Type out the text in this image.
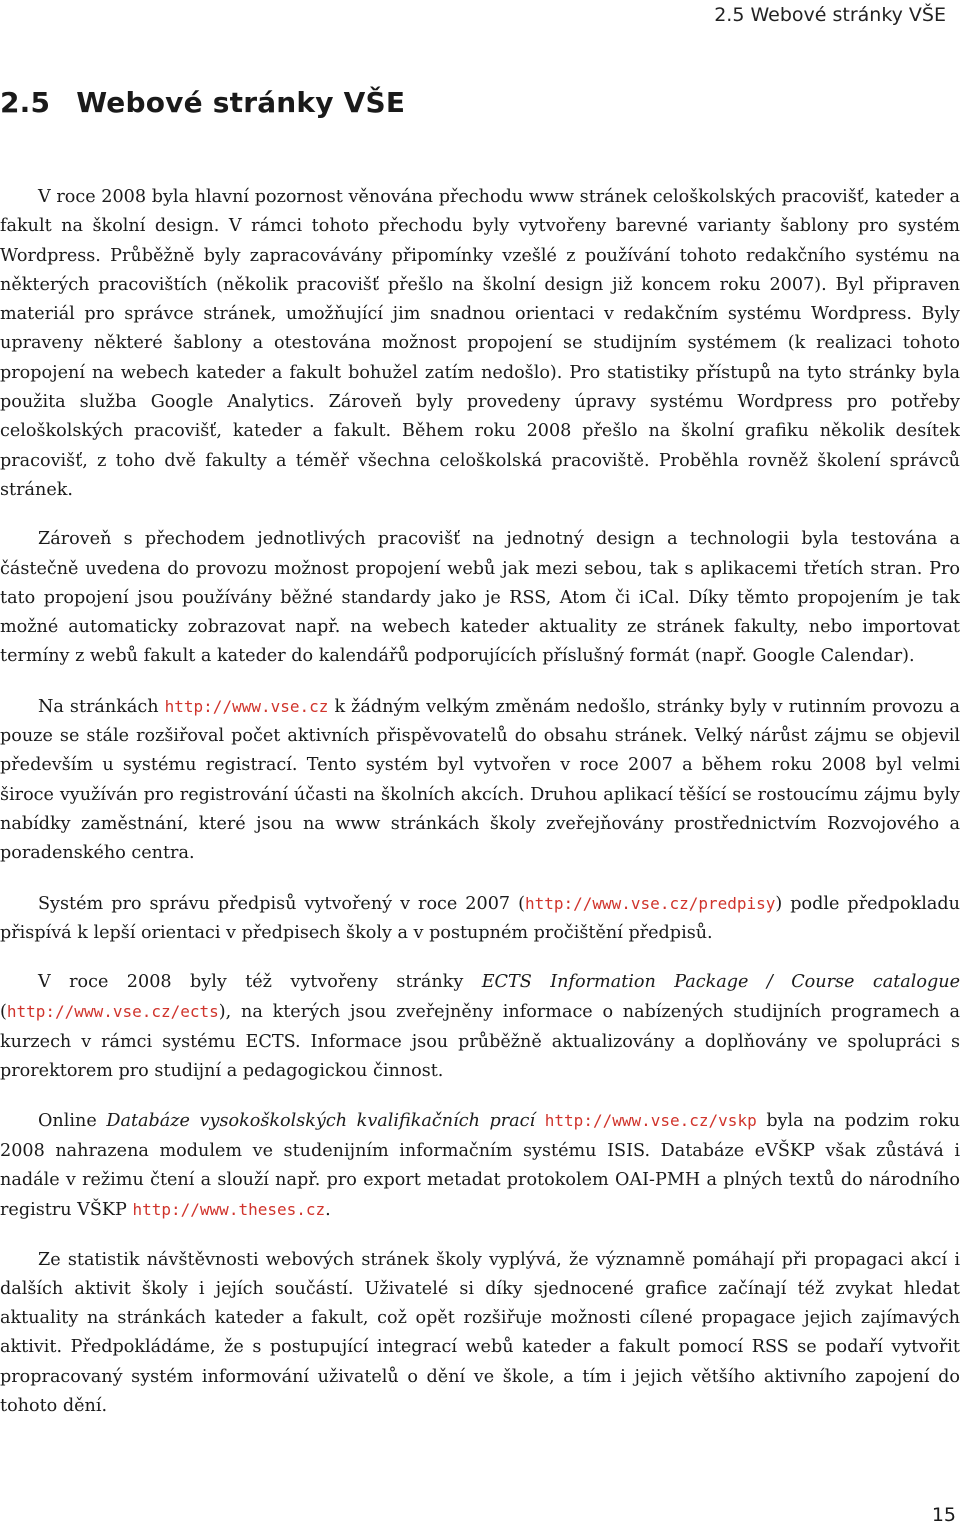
2.5 Webové stránky VŠE
2.5 Webové stránky VŠE

V roce 2008 byla hlavní pozornost věnována přechodu www stránek celoškolských pracovišť, kateder a fakult na školní design. V rámci tohoto přechodu byly vytvořeny barevné varianty šablony pro systém Wordpress. Průběžně byly zapracovávány připomínky vzešlé z používání tohoto redakčního systému na některých pracovištích (několik pracovišť přešlo na školní design již koncem roku 2007). Byl připraven materiál pro správce stránek, umožňující jim snadnou orientaci v redakčním systému Wordpress. Byly upraveny některé šablony a otestována možnost propojení se studijním systémem (k realizaci tohoto propojení na webech kateder a fakult bohužel zatím nedošlo). Pro statistiky přístupů na tyto stránky byla použita služba Google Analytics. Zároveň byly provedeny úpravy systému Wordpress pro potřeby celoškolských pracovišť, kateder a fakult. Během roku 2008 přešlo na školní grafiku několik desítek pracovišť, z toho dvě fakulty a téměř všechna celoškolská pracoviště. Proběhla rovněž školení správců stránek.

Zároveň s přechodem jednotlivých pracovišť na jednotný design a technologii byla testována a částečně uvedena do provozu možnost propojení webů jak mezi sebou, tak s aplikacemi třetích stran. Pro tato propojení jsou používány běžné standardy jako je RSS, Atom či iCal. Díky těmto propojením je tak možné automaticky zobrazovat např. na webech kateder aktuality ze stránek fakulty, nebo importovat termíny z webů fakult a kateder do kalendářů podporujících příslušný formát (např. Google Calendar).

Na stránkách http://www.vse.cz k žádným velkým změnám nedošlo, stránky byly v rutinním provozu a pouze se stále rozšiřoval počet aktivních přispěvovatelů do obsahu stránek. Velký nárůst zájmu se objevil především u systému registrací. Tento systém byl vytvořen v roce 2007 a během roku 2008 byl velmi široce využíván pro registrování účasti na školních akcích. Druhou aplikací těšící se rostoucímu zájmu byly nabídky zaměstnání, které jsou na www stránkách školy zveřejňovány prostřednictvím Rozvojového a poradenského centra.

Systém pro správu předpisů vytvořený v roce 2007 (http://www.vse.cz/predpisy) podle předpokladu přispívá k lepší orientaci v předpisech školy a v postupném pročištění předpisů.

V roce 2008 byly též vytvořeny stránky ECTS Information Package / Course catalogue (http://www.vse.cz/ects), na kterých jsou zveřejněny informace o nabízených studijních programech a kurzech v rámci systému ECTS. Informace jsou průběžně aktualizovány a doplňovány ve spolupráci s prorektorem pro studijní a pedagogickou činnost.

Online Databáze vysokoškolských kvalifikačních prací http://www.vse.cz/vskp byla na podzim roku 2008 nahrazena modulem ve studenijním informačním systému ISIS. Databáze eVŠKP však zůstává i nadále v režimu čtení a slouží např. pro export metadat protokolem OAI-PMH a plných textů do národního registru VŠKP http://www.theses.cz.

Ze statistik návštěvnosti webových stránek školy vyplývá, že významně pomáhají při propagaci akcí i dalších aktivit školy i jejích součástí. Uživatelé si díky sjednocené grafice začínají též zvykat hledat aktuality na stránkách kateder a fakult, což opět rozšiřuje možnosti cílené propagace jejich zajímavých aktivit. Předpokládáme, že s postupující integrací webů kateder a fakult pomocí RSS se podaří vytvořit propracovaný systém informování uživatelů o dění ve škole, a tím i jejich většího aktivního zapojení do tohoto dění.

15
